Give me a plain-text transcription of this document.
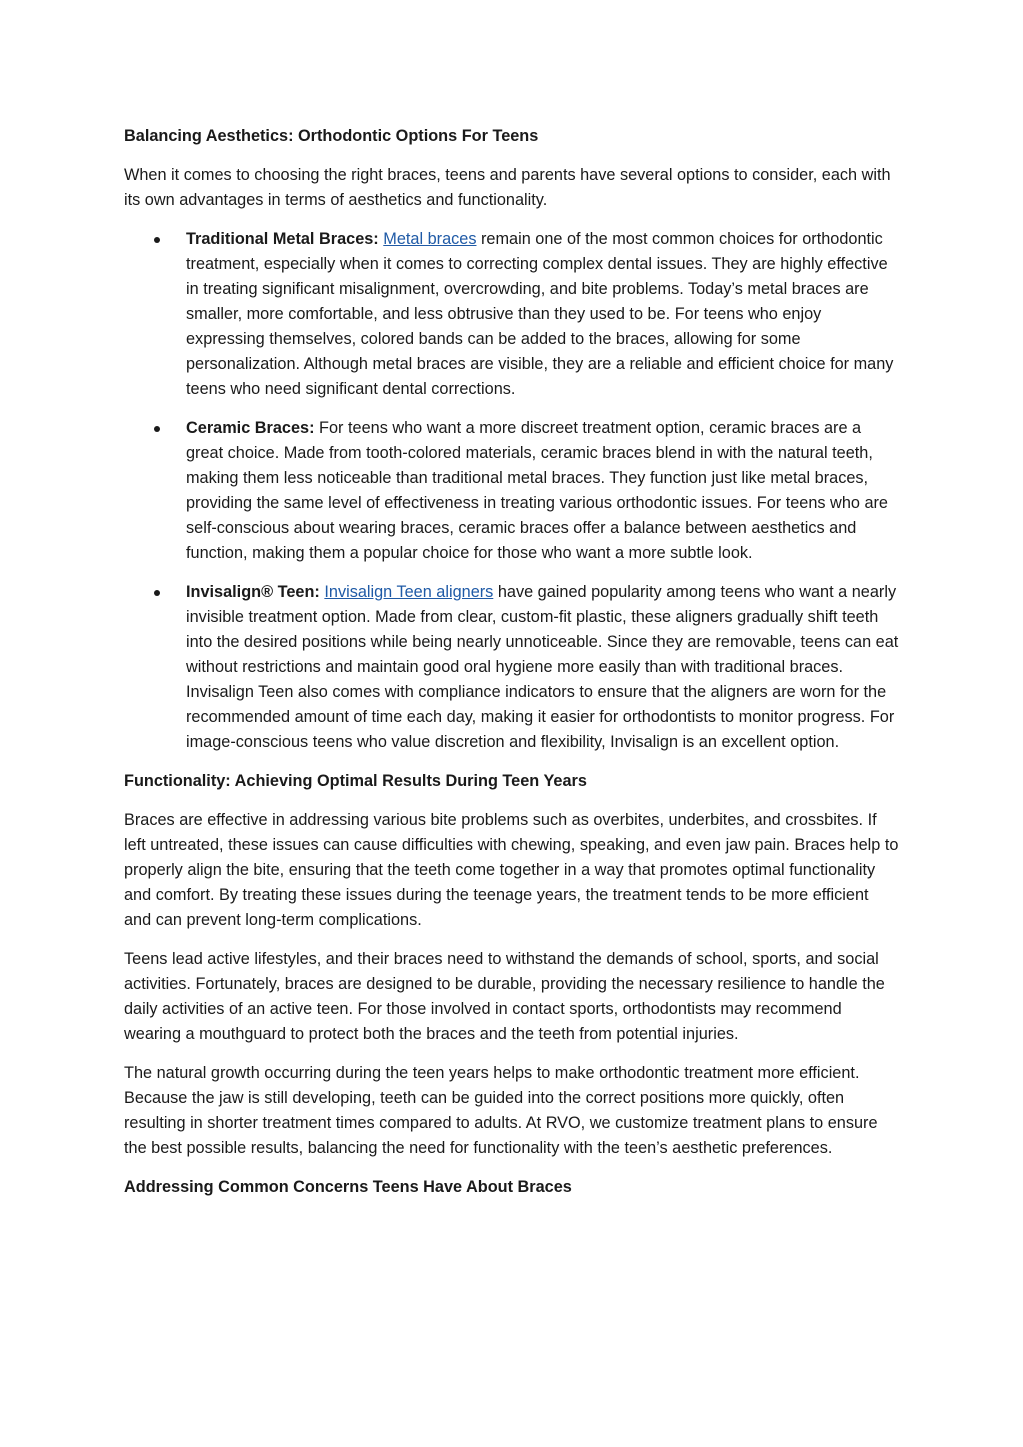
Balancing Aesthetics: Orthodontic Options For Teens

When it comes to choosing the right braces, teens and parents have several options to consider, each with its own advantages in terms of aesthetics and functionality.

Traditional Metal Braces: Metal braces remain one of the most common choices for orthodontic treatment, especially when it comes to correcting complex dental issues. They are highly effective in treating significant misalignment, overcrowding, and bite problems. Today’s metal braces are smaller, more comfortable, and less obtrusive than they used to be. For teens who enjoy expressing themselves, colored bands can be added to the braces, allowing for some personalization. Although metal braces are visible, they are a reliable and efficient choice for many teens who need significant dental corrections.
Ceramic Braces: For teens who want a more discreet treatment option, ceramic braces are a great choice. Made from tooth-colored materials, ceramic braces blend in with the natural teeth, making them less noticeable than traditional metal braces. They function just like metal braces, providing the same level of effectiveness in treating various orthodontic issues. For teens who are self-conscious about wearing braces, ceramic braces offer a balance between aesthetics and function, making them a popular choice for those who want a more subtle look.
Invisalign® Teen: Invisalign Teen aligners have gained popularity among teens who want a nearly invisible treatment option. Made from clear, custom-fit plastic, these aligners gradually shift teeth into the desired positions while being nearly unnoticeable. Since they are removable, teens can eat without restrictions and maintain good oral hygiene more easily than with traditional braces. Invisalign Teen also comes with compliance indicators to ensure that the aligners are worn for the recommended amount of time each day, making it easier for orthodontists to monitor progress. For image-conscious teens who value discretion and flexibility, Invisalign is an excellent option.
Functionality: Achieving Optimal Results During Teen Years

Braces are effective in addressing various bite problems such as overbites, underbites, and crossbites. If left untreated, these issues can cause difficulties with chewing, speaking, and even jaw pain. Braces help to properly align the bite, ensuring that the teeth come together in a way that promotes optimal functionality and comfort. By treating these issues during the teenage years, the treatment tends to be more efficient and can prevent long-term complications.

Teens lead active lifestyles, and their braces need to withstand the demands of school, sports, and social activities. Fortunately, braces are designed to be durable, providing the necessary resilience to handle the daily activities of an active teen. For those involved in contact sports, orthodontists may recommend wearing a mouthguard to protect both the braces and the teeth from potential injuries.

The natural growth occurring during the teen years helps to make orthodontic treatment more efficient. Because the jaw is still developing, teeth can be guided into the correct positions more quickly, often resulting in shorter treatment times compared to adults. At RVO, we customize treatment plans to ensure the best possible results, balancing the need for functionality with the teen’s aesthetic preferences.

Addressing Common Concerns Teens Have About Braces
